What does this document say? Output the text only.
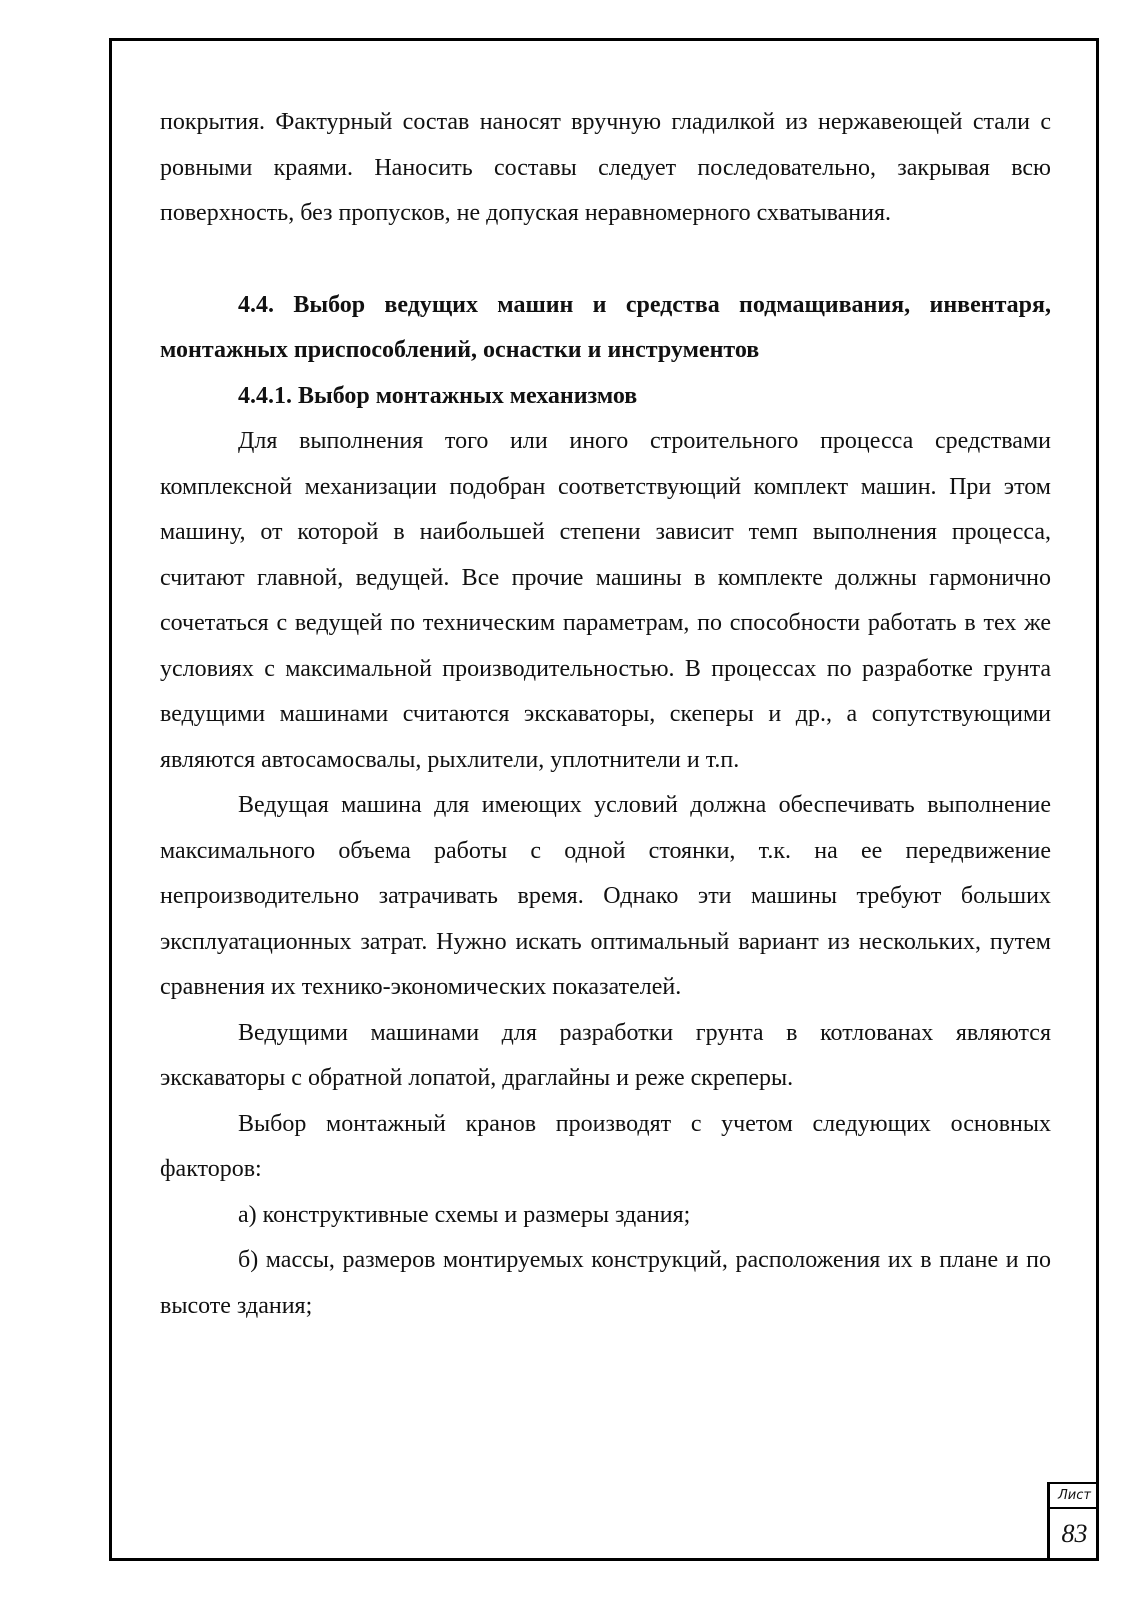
покрытия. Фактурный состав наносят вручную гладилкой из нержавеющей стали с ровными краями. Наносить составы следует последовательно, закрывая всю поверхность, без пропусков, не допуская неравномерного схватывания.

4.4. Выбор ведущих машин и средства подмащивания, инвентаря, монтажных приспособлений, оснастки и инструментов

4.4.1. Выбор монтажных механизмов

Для выполнения того или иного строительного процесса средствами комплексной механизации подобран соответствующий комплект машин. При этом машину, от которой в наибольшей степени зависит темп выполнения процесса, считают главной, ведущей. Все прочие машины в комплекте должны гармонично сочетаться с ведущей по техническим параметрам, по способности работать в тех же условиях с максимальной производительностью. В процессах по разработке грунта ведущими машинами считаются экскаваторы, скеперы и др., а сопутствующими являются автосамосвалы, рыхлители, уплотнители и т.п.

Ведущая машина для имеющих условий должна обеспечивать выполнение максимального объема работы с одной стоянки, т.к. на ее передвижение непроизводительно затрачивать время. Однако эти машины требуют больших эксплуатационных затрат. Нужно искать оптимальный вариант из нескольких, путем сравнения их технико-экономических показателей.

Ведущими машинами для разработки грунта в котлованах являются экскаваторы с обратной лопатой, драглайны и реже скреперы.

Выбор монтажный кранов производят с учетом следующих основных факторов:

а) конструктивные схемы и размеры здания;

б) массы, размеров монтируемых конструкций, расположения их в плане и по высоте здания;

Лист
83
